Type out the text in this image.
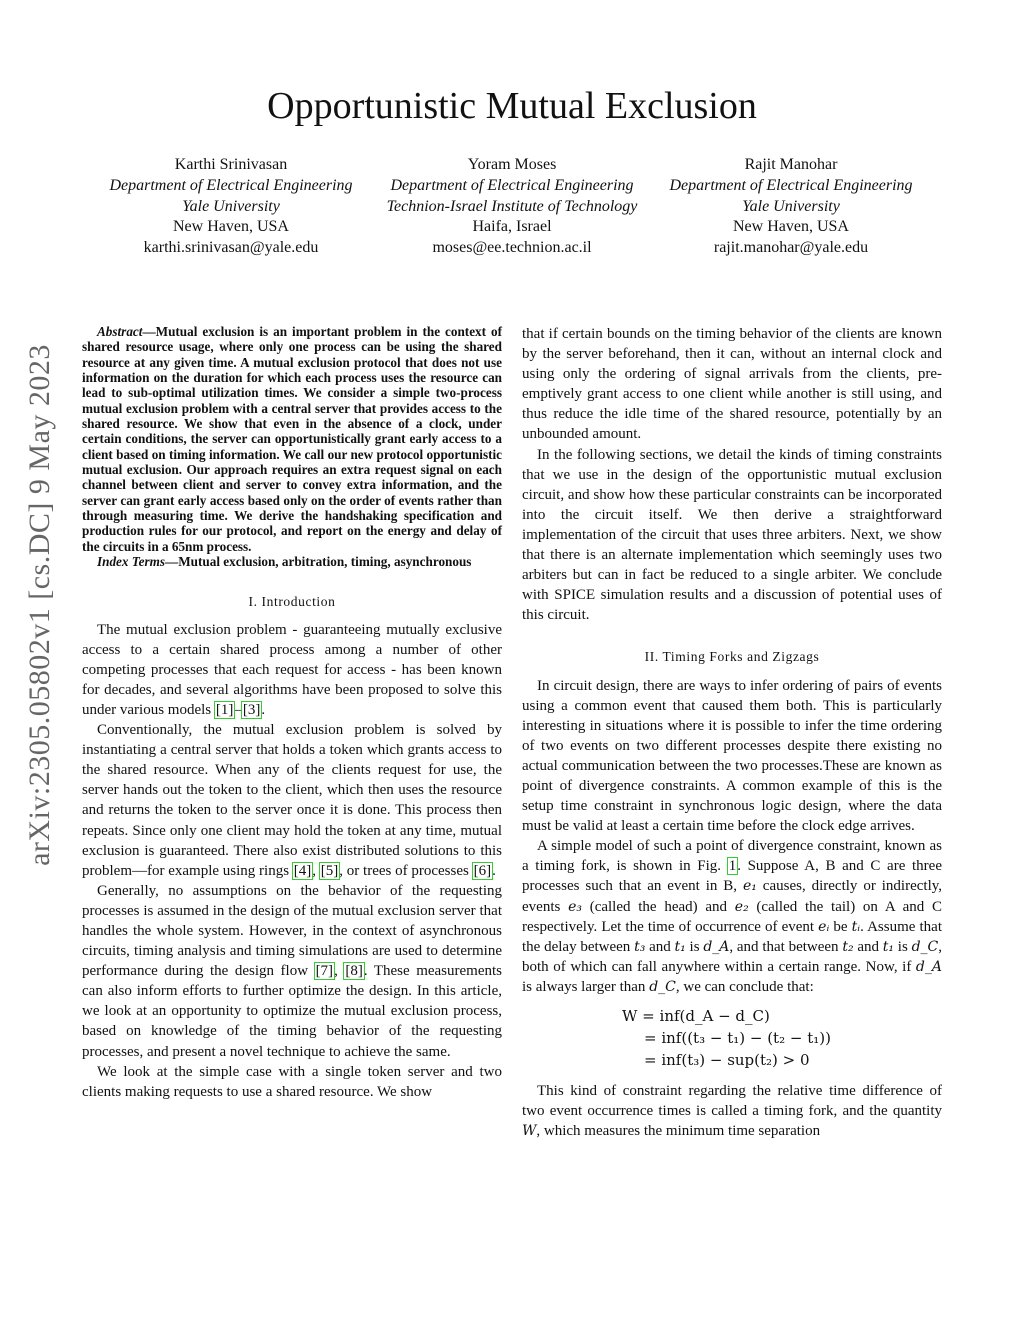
Opportunistic Mutual Exclusion
Karthi Srinivasan
Department of Electrical Engineering
Yale University
New Haven, USA
karthi.srinivasan@yale.edu
Yoram Moses
Department of Electrical Engineering
Technion-Israel Institute of Technology
Haifa, Israel
moses@ee.technion.ac.il
Rajit Manohar
Department of Electrical Engineering
Yale University
New Haven, USA
rajit.manohar@yale.edu
arXiv:2305.05802v1 [cs.DC] 9 May 2023

Abstract—Mutual exclusion is an important problem in the context of shared resource usage, where only one process can be using the shared resource at any given time. A mutual exclusion protocol that does not use information on the duration for which each process uses the resource can lead to sub-optimal utilization times. We consider a simple two-process mutual exclusion problem with a central server that provides access to the shared resource. We show that even in the absence of a clock, under certain conditions, the server can opportunistically grant early access to a client based on timing information. We call our new protocol opportunistic mutual exclusion. Our approach requires an extra request signal on each channel between client and server to convey extra information, and the server can grant early access based only on the order of events rather than through measuring time. We derive the handshaking specification and production rules for our protocol, and report on the energy and delay of the circuits in a 65nm process.

Index Terms—Mutual exclusion, arbitration, timing, asynchronous

I. Introduction

The mutual exclusion problem - guaranteeing mutually exclusive access to a certain shared process among a number of other competing processes that each request for access - has been known for decades, and several algorithms have been proposed to solve this under various models [1]–[3].

Conventionally, the mutual exclusion problem is solved by instantiating a central server that holds a token which grants access to the shared resource. When any of the clients request for use, the server hands out the token to the client, which then uses the resource and returns the token to the server once it is done. This process then repeats. Since only one client may hold the token at any time, mutual exclusion is guaranteed. There also exist distributed solutions to this problem—for example using rings [4], [5], or trees of processes [6].

Generally, no assumptions on the behavior of the requesting processes is assumed in the design of the mutual exclusion server that handles the whole system. However, in the context of asynchronous circuits, timing analysis and timing simulations are used to determine performance during the design flow [7], [8]. These measurements can also inform efforts to further optimize the design. In this article, we look at an opportunity to optimize the mutual exclusion process, based on knowledge of the timing behavior of the requesting processes, and present a novel technique to achieve the same.

We look at the simple case with a single token server and two clients making requests to use a shared resource. We show

that if certain bounds on the timing behavior of the clients are known by the server beforehand, then it can, without an internal clock and using only the ordering of signal arrivals from the clients, pre-emptively grant access to one client while another is still using, and thus reduce the idle time of the shared resource, potentially by an unbounded amount.

In the following sections, we detail the kinds of timing constraints that we use in the design of the opportunistic mutual exclusion circuit, and show how these particular constraints can be incorporated into the circuit itself. We then derive a straightforward implementation of the circuit that uses three arbiters. Next, we show that there is an alternate implementation which seemingly uses two arbiters but can in fact be reduced to a single arbiter. We conclude with SPICE simulation results and a discussion of potential uses of this circuit.

II. Timing Forks and Zigzags

In circuit design, there are ways to infer ordering of pairs of events using a common event that caused them both. This is particularly interesting in situations where it is possible to infer the time ordering of two events on two different processes despite there existing no actual communication between the two processes.These are known as point of divergence constraints. A common example of this is the setup time constraint in synchronous logic design, where the data must be valid at least a certain time before the clock edge arrives.

A simple model of such a point of divergence constraint, known as a timing fork, is shown in Fig. 1. Suppose A, B and C are three processes such that an event in B, e₁ causes, directly or indirectly, events e₃ (called the head) and e₂ (called the tail) on A and C respectively. Let the time of occurrence of event eᵢ be tᵢ. Assume that the delay between t₃ and t₁ is d_A, and that between t₂ and t₁ is d_C, both of which can fall anywhere within a certain range. Now, if d_A is always larger than d_C, we can conclude that:

W = inf(d_A − d_C)
= inf((t₃ − t₁) − (t₂ − t₁))
= inf(t₃) − sup(t₂) > 0

This kind of constraint regarding the relative time difference of two event occurrence times is called a timing fork, and the quantity W, which measures the minimum time separation
